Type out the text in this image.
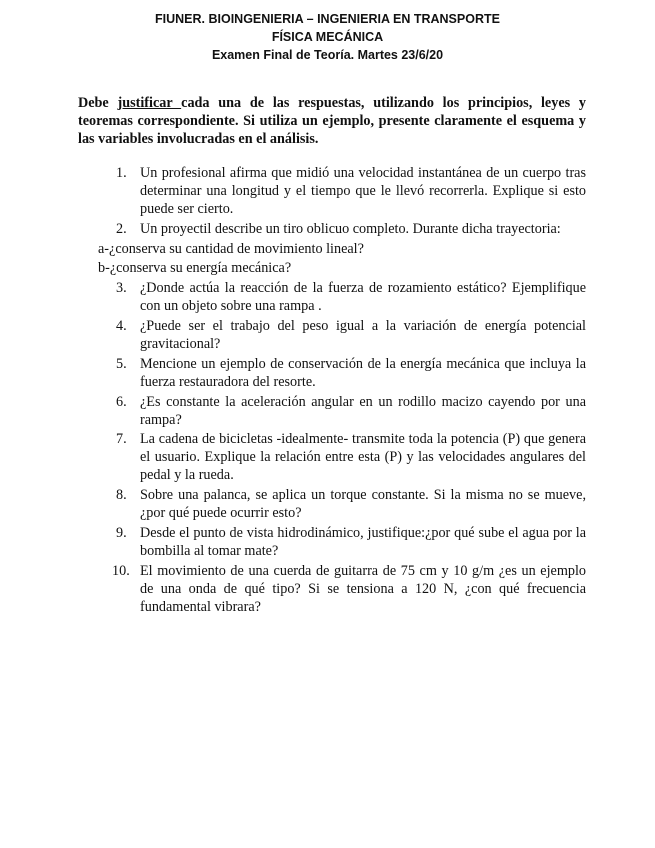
FIUNER. BIOINGENIERIA – INGENIERIA EN TRANSPORTE
FÍSICA MECÁNICA
Examen Final de Teoría. Martes 23/6/20
Debe justificar cada una de las respuestas, utilizando los principios, leyes y teoremas correspondiente. Si utiliza un ejemplo, presente claramente el esquema y las variables involucradas en el análisis.
1. Un profesional afirma que midió una velocidad instantánea de un cuerpo tras determinar una longitud y el tiempo que le llevó recorrerla. Explique si esto puede ser cierto.
2. Un proyectil describe un tiro oblicuo completo. Durante dicha trayectoria:
a-¿conserva su cantidad de movimiento lineal?
b-¿conserva su energía mecánica?
3. ¿Donde actúa la reacción de la fuerza de rozamiento estático? Ejemplifique con un objeto sobre una rampa .
4. ¿Puede ser el trabajo del peso igual a la variación de energía potencial gravitacional?
5. Mencione un ejemplo de conservación de la energía mecánica que incluya la fuerza restauradora del resorte.
6. ¿Es constante la aceleración angular en un rodillo macizo cayendo por una rampa?
7. La cadena de bicicletas -idealmente- transmite toda la potencia (P) que genera el usuario. Explique la relación entre esta (P) y las velocidades angulares del pedal y la rueda.
8. Sobre una palanca, se aplica un torque constante. Si la misma no se mueve, ¿por qué puede ocurrir esto?
9. Desde el punto de vista hidrodinámico, justifique:¿por qué sube el agua por la bombilla al tomar mate?
10. El movimiento de una cuerda de guitarra de 75 cm y 10 g/m ¿es un ejemplo de una onda de qué tipo? Si se tensiona a 120 N, ¿con qué frecuencia fundamental vibrara?
